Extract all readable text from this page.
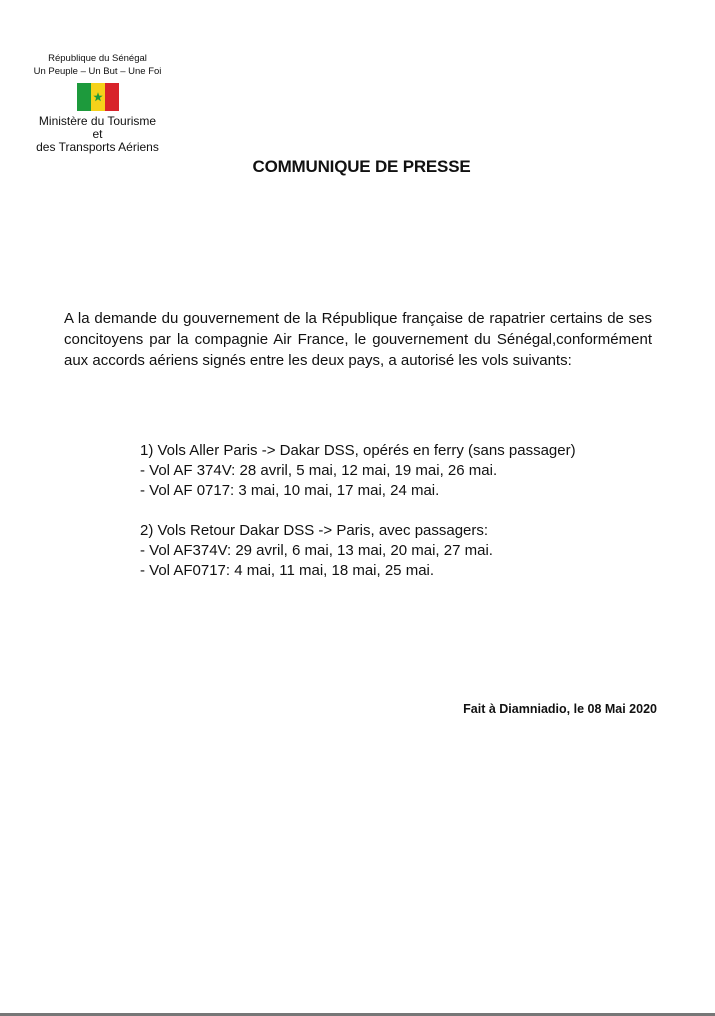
République du Sénégal
Un Peuple – Un But – Une Foi
Ministère du Tourisme
et
des Transports Aériens
COMMUNIQUE DE PRESSE
A la demande du gouvernement de la République française de rapatrier certains de ses concitoyens par la compagnie Air France, le gouvernement du Sénégal,conformément aux accords aériens signés entre les deux pays, a autorisé les vols suivants:
1) Vols Aller Paris -> Dakar DSS, opérés en ferry (sans passager)
- Vol AF 374V: 28 avril, 5 mai, 12 mai, 19 mai, 26 mai.
- Vol AF 0717: 3 mai, 10 mai, 17 mai, 24 mai.
2) Vols Retour Dakar DSS -> Paris, avec passagers:
- Vol AF374V: 29 avril, 6 mai, 13 mai, 20 mai, 27 mai.
- Vol AF0717: 4 mai, 11 mai, 18 mai, 25 mai.
Fait à Diamniadio, le 08 Mai 2020
